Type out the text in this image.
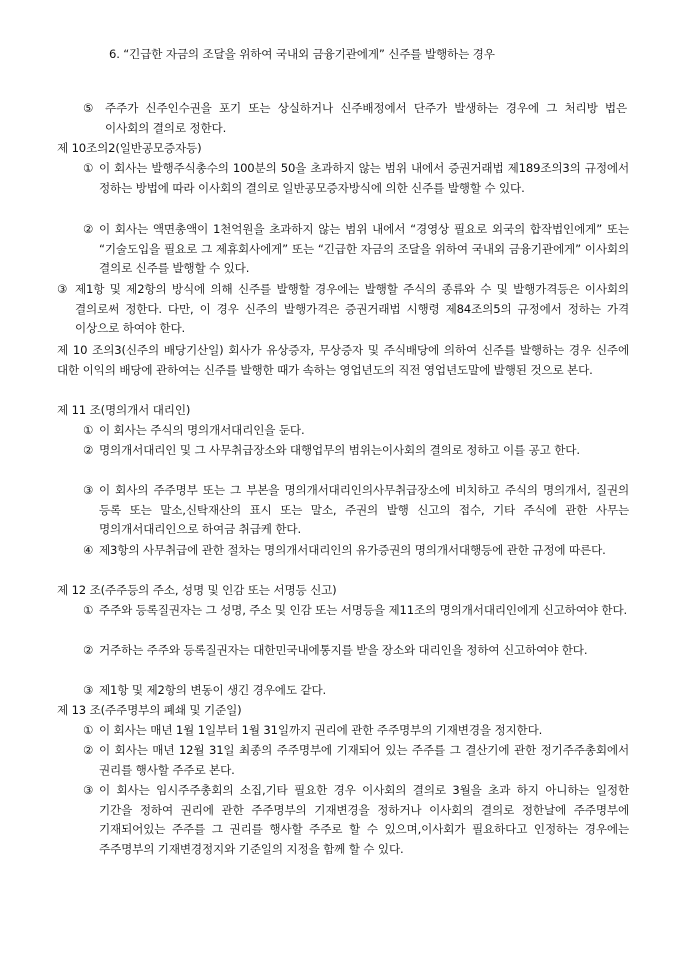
6. “긴급한 자금의 조달을 위하여 국내외 금융기관에게” 신주를 발행하는 경우

⑤ 주주가 신주인수권을 포기 또는 상실하거나 신주배정에서 단주가 발생하는 경우에 그 처리방 법은 이사회의 결의로 정한다.

제 10조의2(일반공모증자등)

① 이 회사는 발행주식총수의 100분의 50을 초과하지 않는 범위 내에서 증권거래법 제189조의3의 규정에서 정하는 방법에 따라 이사회의 결의로 일반공모증자방식에 의한 신주를 발행할 수 있다.

② 이 회사는 액면총액이 1천억원을 초과하지 않는 범위 내에서 “경영상 필요로 외국의 합작법인에게” 또는 “기술도입을 필요로 그 제휴회사에게” 또는 “긴급한 자금의 조달을 위하여 국내외 금융기관에게” 이사회의 결의로 신주를 발행할 수 있다.

③ 제1항 및 제2항의 방식에 의해 신주를 발행할 경우에는 발행할 주식의 종류와 수 및 발행가격등은 이사회의 결의로써 정한다. 다만, 이 경우 신주의 발행가격은 증권거래법 시행령 제84조의5의 규정에서 정하는 가격 이상으로 하여야 한다.

제 10 조의3(신주의 배당기산일) 회사가 유상증자, 무상증자 및 주식배당에 의하여 신주를 발행하는 경우 신주에 대한 이익의 배당에 관하여는 신주를 발행한 때가 속하는 영업년도의 직전 영업년도말에 발행된 것으로 본다.

제 11 조(명의개서 대리인)

① 이 회사는 주식의 명의개서대리인을 둔다.

② 명의개서대리인 및 그 사무취급장소와 대행업무의 범위는이사회의 결의로 정하고 이를 공고 한다.

③ 이 회사의 주주명부 또는 그 부본을 명의개서대리인의사무취급장소에 비치하고 주식의 명의개서, 질권의 등록 또는 말소,신탁재산의 표시 또는 말소, 주권의 발행 신고의 접수, 기타 주식에 관한 사무는 명의개서대리인으로 하여금 취급케 한다.

④ 제3항의 사무취급에 관한 절차는 명의개서대리인의 유가증권의 명의개서대행등에 관한 규정에 따른다.

제 12 조(주주등의 주소, 성명 및 인감 또는 서명등 신고)

① 주주와 등록질권자는 그 성명, 주소 및 인감 또는 서명등을 제11조의 명의개서대리인에게 신고하여야 한다.

② 거주하는 주주와 등록질권자는 대한민국내에통지를 받을 장소와 대리인을 정하여 신고하여야 한다.

③ 제1항 및 제2항의 변동이 생긴 경우에도 같다.

제 13 조(주주명부의 폐쇄 및 기준일)

① 이 회사는 매년 1월 1일부터 1월 31일까지 권리에 관한 주주명부의 기재변경을 정지한다.

② 이 회사는 매년 12월 31일 최종의 주주명부에 기재되어 있는 주주를 그 결산기에 관한 정기주주총회에서 권리를 행사할 주주로 본다.

③ 이 회사는 임시주주총회의 소집,기타 필요한 경우 이사회의 결의로 3월을 초과 하지 아니하는 일정한 기간을 정하여 권리에 관한 주주명부의 기재변경을 정하거나 이사회의 결의로 정한날에 주주명부에 기재되어있는 주주를 그 권리를 행사할 주주로 할 수 있으며,이사회가 필요하다고 인정하는 경우에는 주주명부의 기재변경정지와 기준일의 지정을 함께 할 수 있다.
